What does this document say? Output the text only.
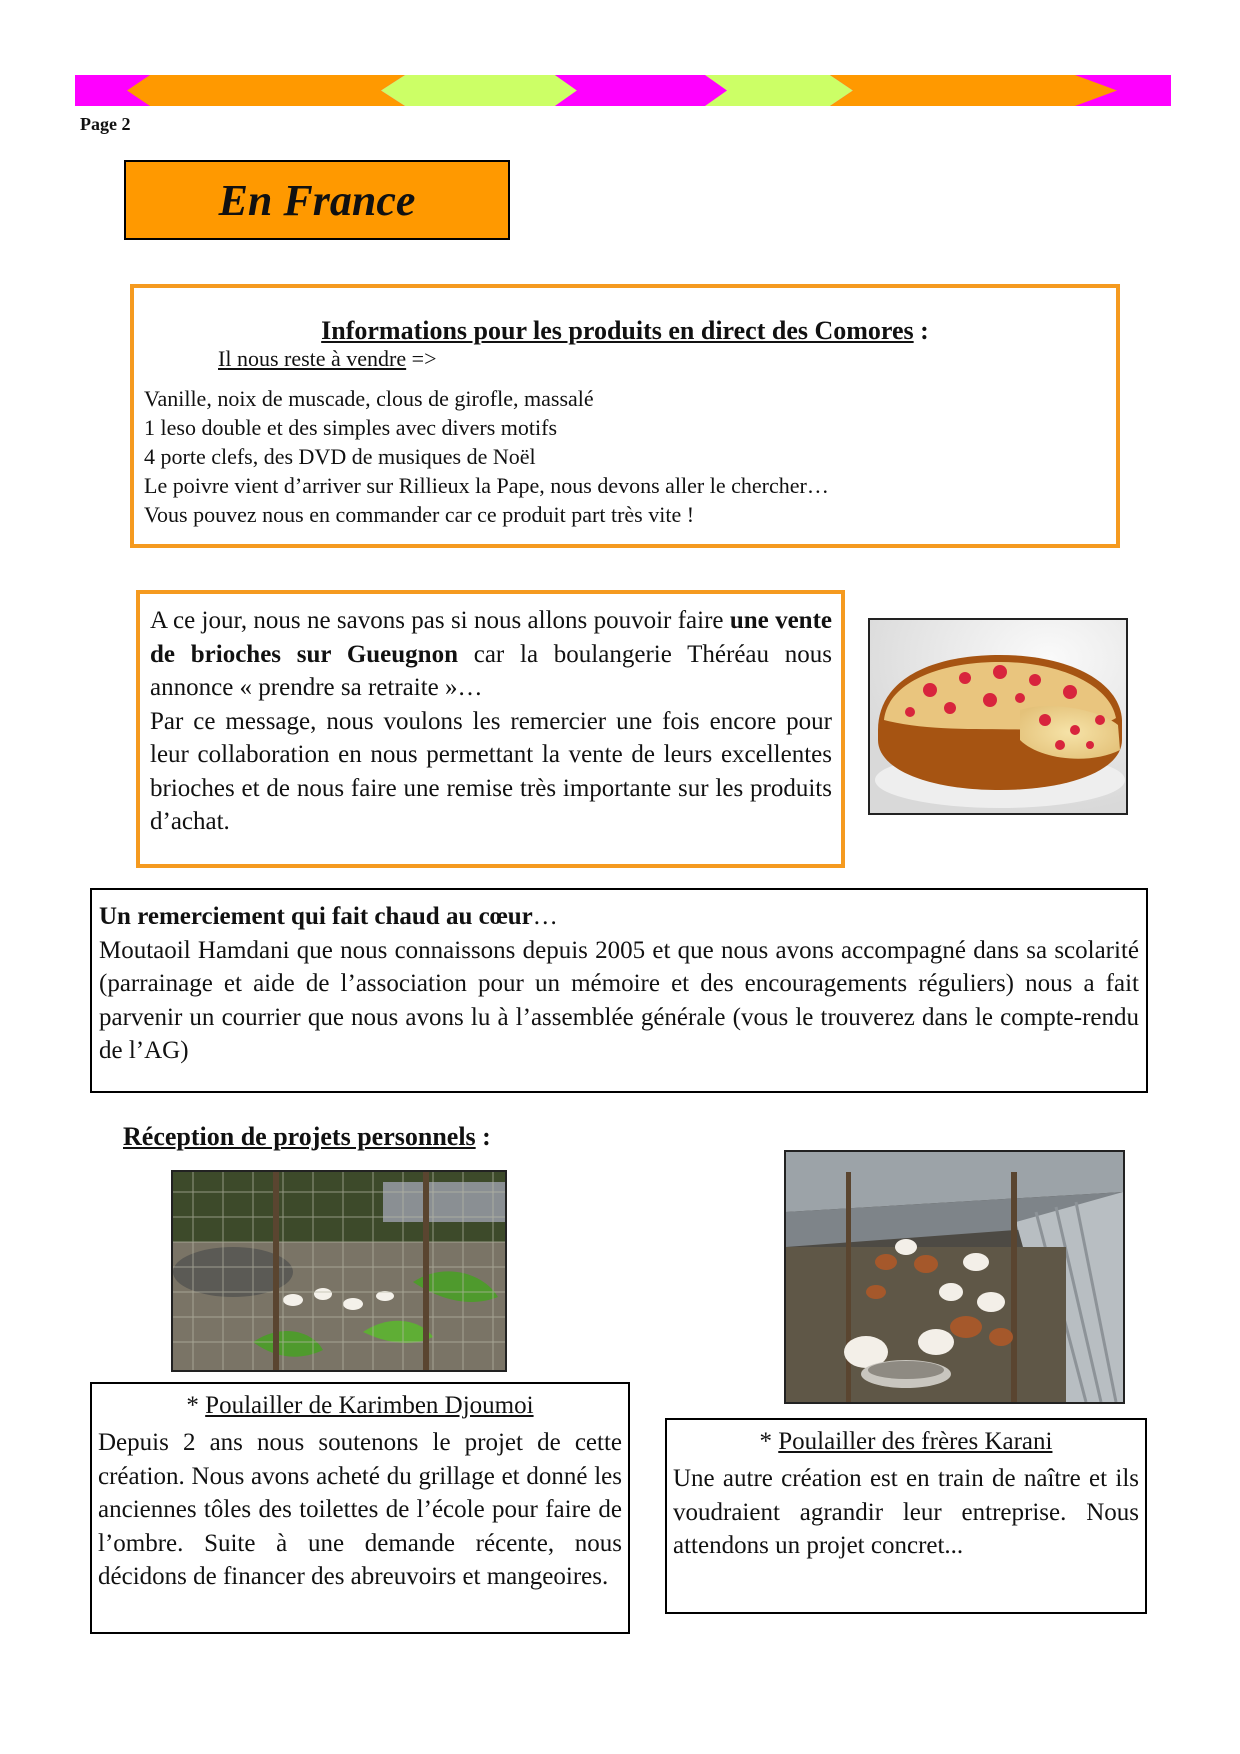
Page 2
En France
Informations pour les produits en direct des Comores :
Il nous reste à vendre =>
Vanille, noix de muscade, clous de girofle, massalé
1 leso double et des simples avec divers motifs
4 porte clefs, des DVD de musiques de Noël
Le poivre vient d’arriver sur Rillieux la Pape, nous devons aller le chercher…
Vous pouvez nous en commander car ce produit part très vite !
A ce jour, nous ne savons pas si nous allons pouvoir faire une vente de brioches sur Gueugnon car la boulangerie Théréau nous annonce « prendre sa retraite »…
Par ce message, nous voulons les remercier une fois encore pour leur collaboration en nous permettant la vente de leurs excellentes brioches et de nous faire une remise très importante sur les produits d’achat.
Un remerciement qui fait chaud au cœur…
Moutaoil Hamdani que nous connaissons depuis 2005 et que nous avons accompagné dans sa scolarité (parrainage et aide de l’association pour un mémoire et des encouragements réguliers) nous a fait parvenir un courrier que nous avons lu à l’assemblée générale (vous le trouverez dans le compte-rendu de l’AG)
Réception de projets personnels :
* Poulailler de Karimben Djoumoi
Depuis 2 ans nous soutenons le projet de cette création. Nous avons acheté du grillage et donné les anciennes tôles des toilettes de l’école pour faire de l’ombre. Suite à une demande récente, nous décidons de financer des abreuvoirs et mangeoires.
* Poulailler des frères Karani
Une autre création est en train de naître et ils voudraient agrandir leur entreprise. Nous attendons un projet concret...
